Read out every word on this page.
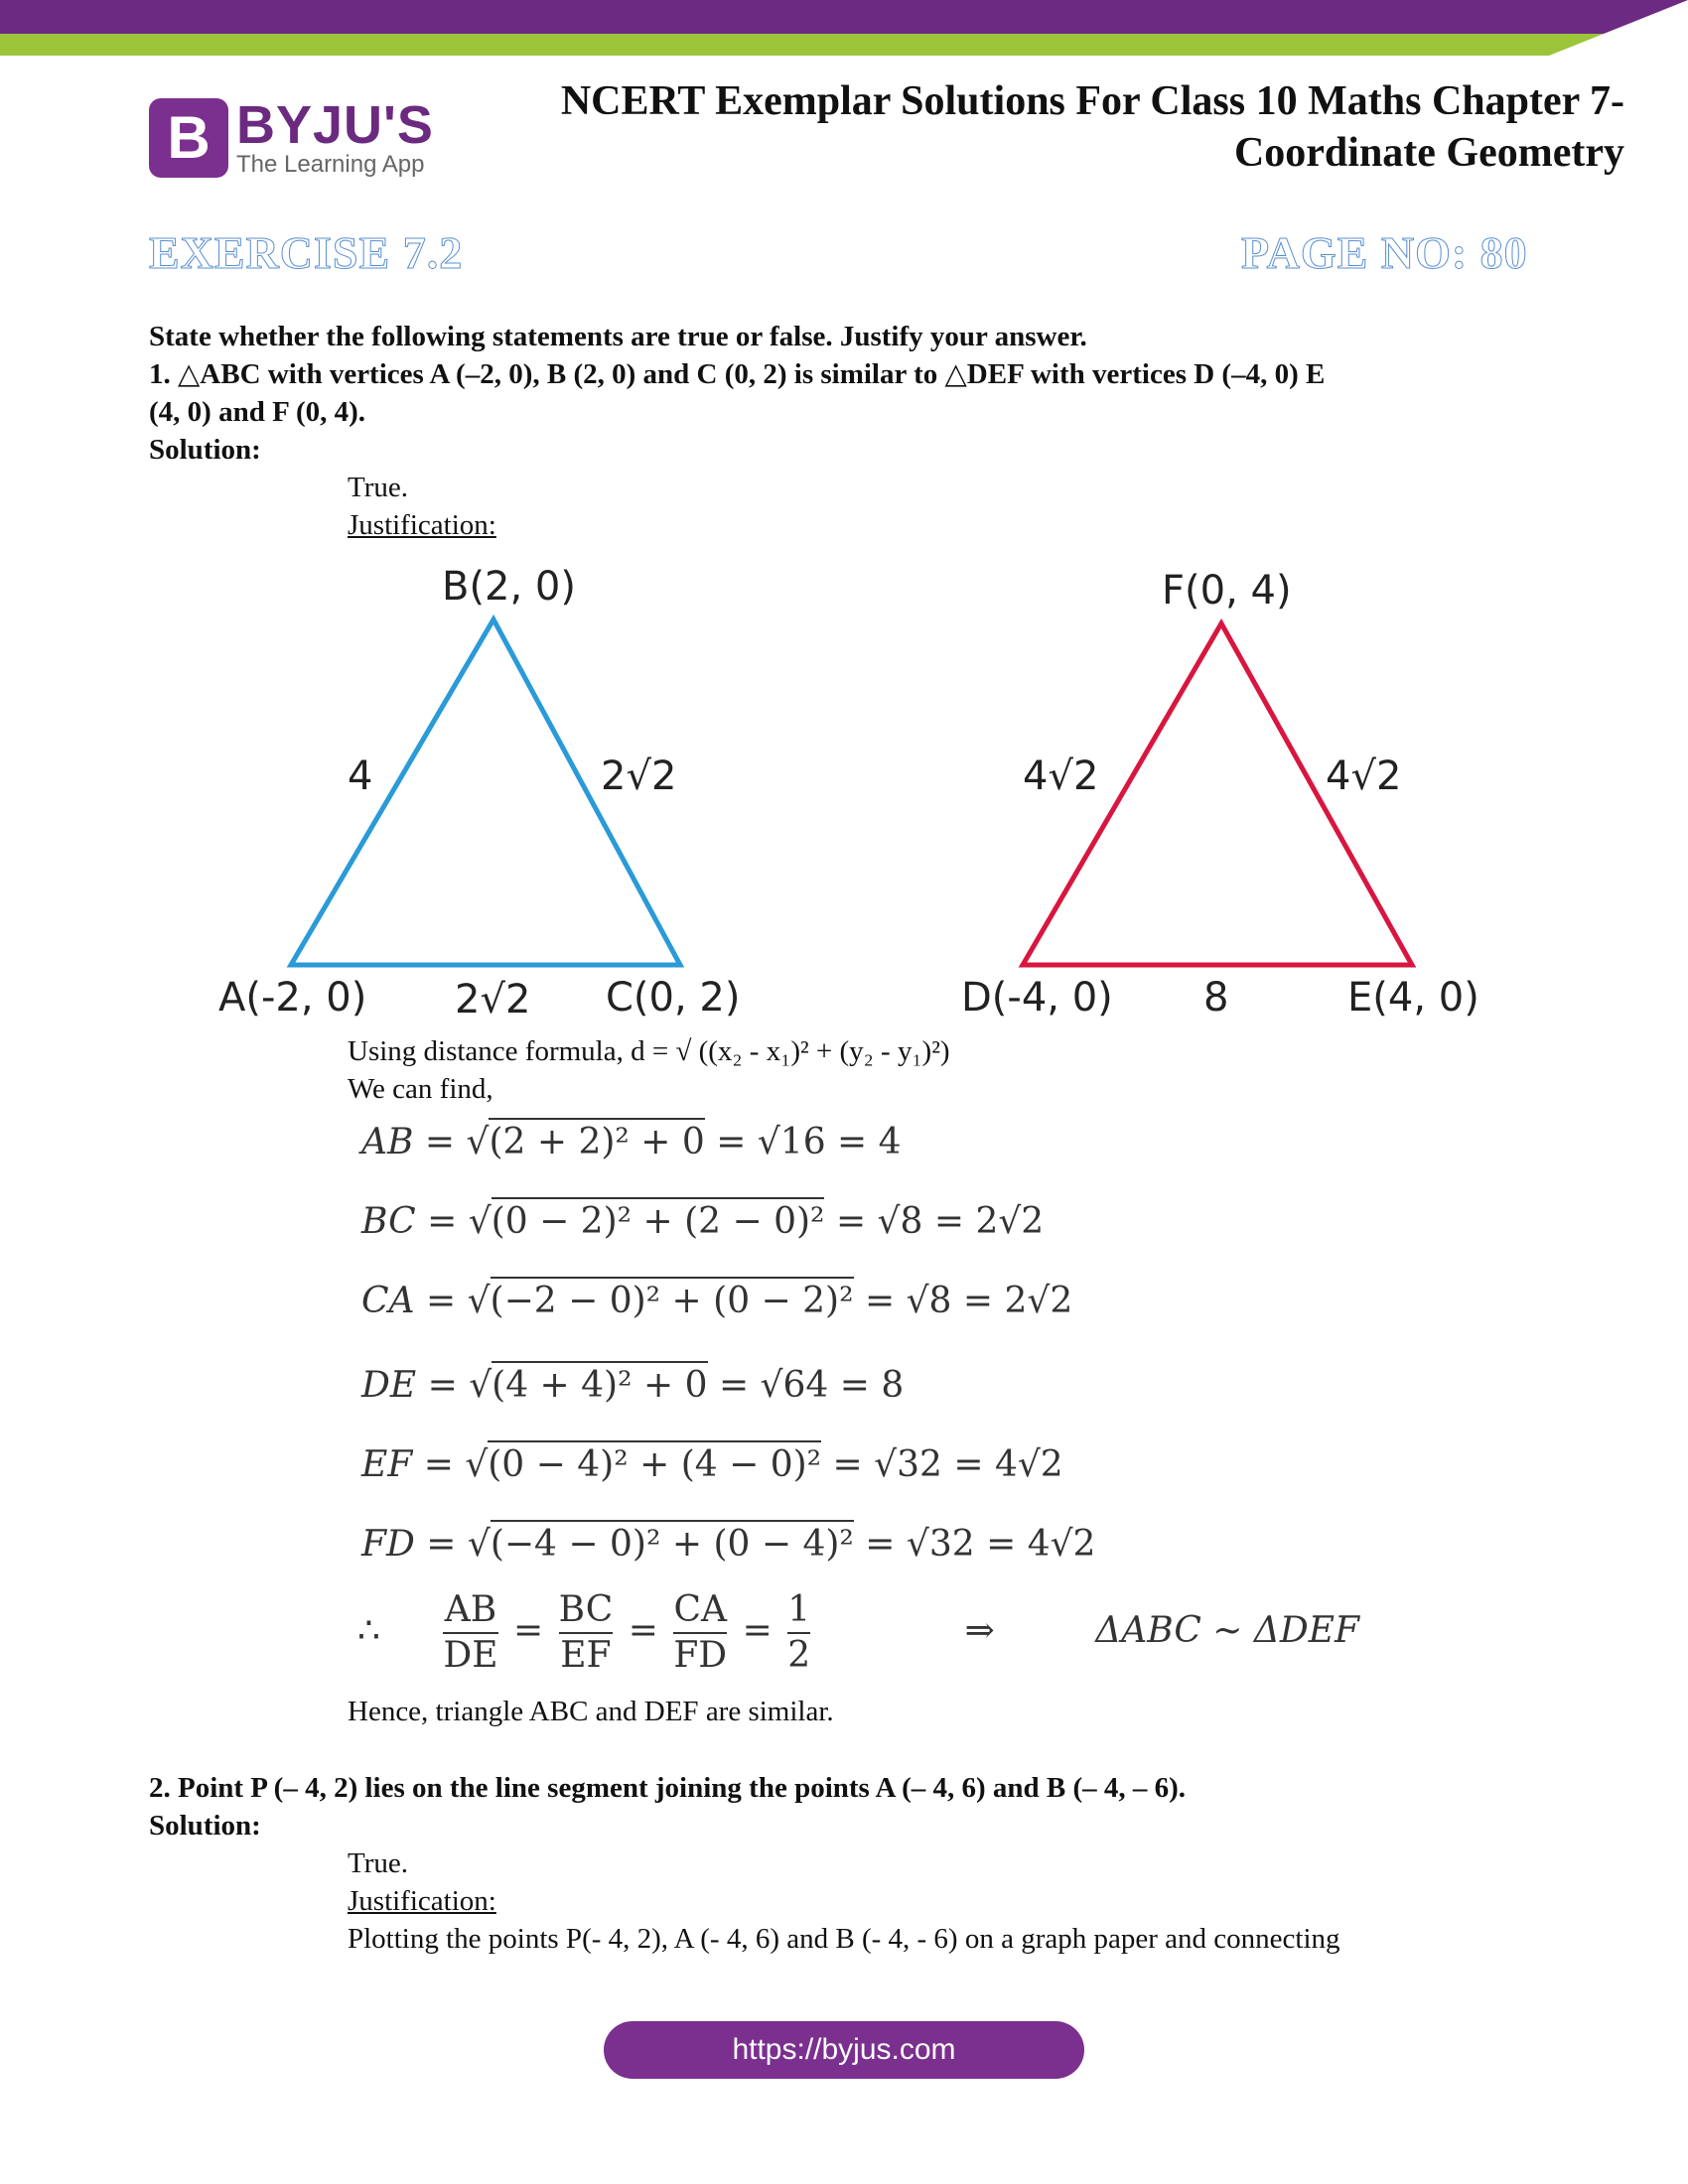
B BYJU'S
The Learning App
NCERT Exemplar Solutions For Class 10 Maths Chapter 7-
Coordinate Geometry
EXERCISE 7.2	PAGE NO: 80
State whether the following statements are true or false. Justify your answer.
1. △ABC with vertices A (–2, 0), B (2, 0) and C (0, 2) is similar to △DEF with vertices D (–4, 0) E
(4, 0) and F (0, 4).
Solution:
True.
Justification:
B(2, 0)
4	2√2
A(-2, 0) 2√2 C(0, 2)
F(0, 4)
4√2	4√2
D(-4, 0) 8	E(4, 0)
Using distance formula, d = √ ((x₂ - x₁)² + (y₂ - y₁)²)
We can find,
AB = √(2 + 2)² + 0 = √16 = 4
BC = √(0 − 2)² + (2 − 0)² = √8 = 2√2
CA = √(−2 − 0)² + (0 − 2)² = √8 = 2√2
DE = √(4 + 4)² + 0 = √64 = 8
EF = √(0 − 4)² + (4 − 0)² = √32 = 4√2
FD = √(−4 − 0)² + (0 − 4)² = √32 = 4√2
∴ $\frac{AB}{DE} = \frac{BC}{EF} = \frac{CA}{FD} = \frac{1}{2}$	⇒	ΔABC ~ ΔDEF
Hence, triangle ABC and DEF are similar.
2. Point P (– 4, 2) lies on the line segment joining the points A (– 4, 6) and B (– 4, – 6).
Solution:
True.
Justification:
Plotting the points P(- 4, 2), A (- 4, 6) and B (- 4, - 6) on a graph paper and connecting
https://byjus.com
